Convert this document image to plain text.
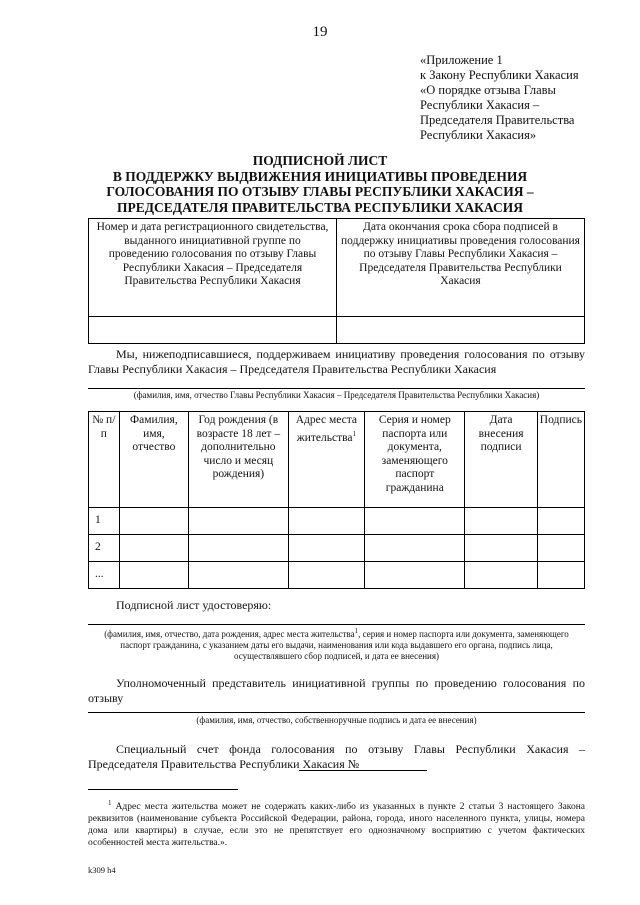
19
«Приложение 1
к Закону Республики Хакасия
«О порядке отзыва Главы
Республики Хакасия –
Председателя Правительства
Республики Хакасия»
ПОДПИСНОЙ ЛИСТ
В ПОДДЕРЖКУ ВЫДВИЖЕНИЯ ИНИЦИАТИВЫ ПРОВЕДЕНИЯ
ГОЛОСОВАНИЯ ПО ОТЗЫВУ ГЛАВЫ РЕСПУБЛИКИ ХАКАСИЯ –
ПРЕДСЕДАТЕЛЯ ПРАВИТЕЛЬСТВА РЕСПУБЛИКИ ХАКАСИЯ
Номер и дата регистрационного свидетельства, выданного инициативной группе по проведению голосования по отзыву Главы Республики Хакасия – Председателя Правительства Республики Хакасия	Дата окончания срока сбора подписей в поддержку инициативы проведения голосования по отзыву Главы Республики Хакасия – Председателя Правительства Республики Хакасия

Мы, нижеподписавшиеся, поддерживаем инициативу проведения голосования по отзыву Главы Республики Хакасия – Председателя Правительства Республики Хакасия
(фамилия, имя, отчество Главы Республики Хакасия – Председателя Правительства Республики Хакасия)
№ п/п	Фамилия, имя, отчество	Год рождения (в возрасте 18 лет – дополнительно число и месяц рождения)	Адрес места жительства$^1$	Серия и номер паспорта или документа, заменяющего паспорт гражданина	Дата внесения подписи	Подпись
1						
2						
...						
Подписной лист удостоверяю:
(фамилия, имя, отчество, дата рождения, адрес места жительства$^1$, серия и номер паспорта или документа, заменяющего паспорт гражданина, с указанием даты его выдачи, наименования или кода выдавшего его органа, подпись лица, осуществлявшего сбор подписей, и дата ее внесения)
Уполномоченный представитель инициативной группы по проведению голосования по отзыву
(фамилия, имя, отчество, собственноручные подпись и дата ее внесения)
Специальный счет фонда голосования по отзыву Главы Республики Хакасия – Председателя Правительства Республики Хакасия №
$^1$ Адрес места жительства может не содержать каких-либо из указанных в пункте 2 статьи 3 настоящего Закона реквизитов (наименование субъекта Российской Федерации, района, города, иного населенного пункта, улицы, номера дома или квартиры) в случае, если это не препятствует его однозначному восприятию с учетом фактических особенностей места жительства.».
k309 h4
